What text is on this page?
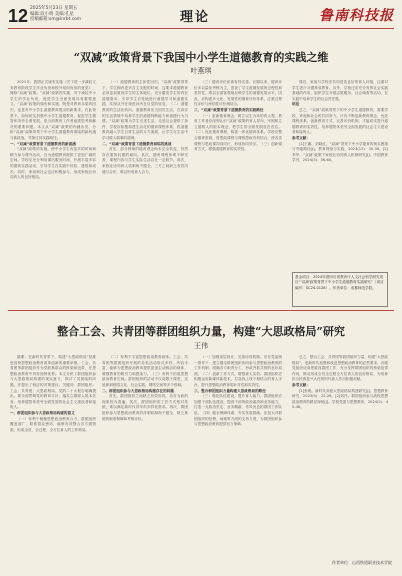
12 2025年5月23日 星期五
编辑:段小明 美编:孔星
投稿邮箱:sm@lnrbt.com	理论	鲁南科技报
“双减”政策背景下我国中小学生道德教育的实践之维
叶燕琪

2021年，我国正式颁布实施《关于进一步减轻义务教育阶段学生作业负担和校外培训负担的意见》，简称“双减”政策。“双减”政策的实施，对于减轻中小学生的学业负担、促进学生全面发展具有重要意义。“双减”政策的颁布和实施，既是对教育本质的回归，也是对中小学生道德教育提出的新要求。在此背景下，如何切实加强中小学生道德教育，促进学生德智体美劳全面发展，是当前教育工作者亟需思考和解决的重要问题。本文从“双减”政策的内涵出发，分析“双减”政策背景下中小学生道德教育面临的新机遇与新挑战，并探讨其实践路径。

一、“双减”政策背景下道德教育的新意涵

“双减”政策的实施，使中小学生有更多的时间和精力参与课外活动，这为道德教育提供了更加广阔的空间。学校应充分利用课后服务时间，开展丰富多彩的德育实践活动，引导学生在实践中体验、感悟和成长。同时，家庭和社会也应积极参与，形成家校社协同育人的良好格局。

（一）道德教育的主体性回归。“双减”政策背景下，学生拥有更多自主支配的时间，这要求道德教育必须更加重视学生的主体地位，充分激发学生的内在道德需求，引导学生自觉地进行道德学习和道德实践，实现从外在规范向内在自觉的转变。（二）道德教育的生活化转向。道德教育应当回归生活，在真实的生活情境中培养学生的道德判断能力和道德行为习惯。“双减”政策为学生走进生活、走进社会提供了条件，学校应积极构建生活化的德育课程体系，将道德教育融入学生日常生活的方方面面，让学生在生活中学习做人做事的道理。

二、“双减”政策背景下道德教育面临的挑战

首先，部分教师的德育观念尚未完全转变，仍然存在重智轻德的倾向。其次，德育课程体系不够完善，课程内容与学生实际生活存在一定脱节。再次，家校社协同育人机制尚不健全，三方之间缺乏有效沟通与合作，难以形成育人合力。

（三）德育评价体系有待完善。长期以来，德育评价多以量化考核为主，忽视了学生道德发展的过程性和差异性，难以全面客观地反映学生的道德发展水平。因此，应构建多元化、发展性的德育评价体系，注重过程性评价与终结性评价相结合。

三、“双减”政策背景下道德教育的实践路径

（一）更新德育理念，树立以生为本的育人观。教育工作者应深刻认识“双减”政策的育人导向，牢固树立立德树人的根本理念，把学生的全面发展放在首位。（二）优化德育课程，构建一体化德育体系。学校应整合德育资源，将思政课程与课程思政有机结合，使各类课程与思政课同向同行，形成协同效应。（三）创新德育方式，增强道德教育的实效性。

课后，家庭与学校应共同营造良好的育人环境，注重对学生进行习惯养成教育。另外，学校还应充分发挥社会实践基地的作用，组织学生开展志愿服务、社会调查等活动，在实践中培养学生的社会责任感。

结语

总之，“双减”政策背景下的中小学生道德教育，需要学校、家庭和社会的共同努力。只有不断更新教育理念、优化课程体系、创新教育方式、完善评价机制，才能切实提升道德教育的实效性，培养德智体美劳全面发展的社会主义建设者和接班人。

参考文献：

[1]王鹏，刘晓红。“双减”背景下中小学德育的现实困境与突破路径[J]。教育理论与实践，2023(12)：35-38。[2]李华。“双减”政策下家校社协同育人机制研究[J]。中国教育学刊，2024(3)：56-60。

基金项目：2024年度四川省教育厅人文社会科学研究项目“‘双减’政策背景下中小学生道德教育实践研究”（项目编号：SC24-0128）。作者单位：成都师范学院。
整合工会、共青团等群团组织力量，构建“大思政格局”研究
王伟

摘要：在新时代背景下，构建“大思政格局”是推进高校思想政治教育改革创新的重要举措。工会、共青团等群团组织作为党联系群众的桥梁和纽带，在思想政治教育中具有独特优势。本文分析了群团组织参与大思政格局构建的现实意义，探讨了其面临的问题，并提出了相应的对策建议。关键词：群团组织；工会；共青团；大思政格局。党的二十大报告明确提出，要全面贯彻党的教育方针，落实立德树人根本任务，培养德智体美劳全面发展的社会主义建设者和接班人。

一、群团组织参与大思政格局构建的意义

（一）有利于凝聚思想政治教育合力。群团组织覆盖面广、联系群众密切，能够有效整合各方面资源，形成全员、全过程、全方位育人的工作格局。

（二）有利于丰富思想政治教育载体。工会、共青团等群团组织开展的各类活动形式多样、内容丰富，能够为思想政治教育提供更加生动鲜活的载体，增强教育的吸引力和感染力。（三）有利于拓展思想政治教育空间。群团组织的活动不仅局限于课堂，还延伸到校园文化、社会实践、网络空间等多个领域。

二、群团组织参与大思政格局构建存在的问题

首先，群团组织之间缺乏有效协同，各自为政的现象较为普遍。其次，群团组织的工作方式相对传统，难以满足新时代青年的多样化需求。再次，群团组织参与思想政治教育的体制机制尚不健全，缺乏系统的制度保障和考核评价。

（一）加强顶层设计，完善协同机制。应在党委统一领导下，建立健全群团组织协同参与思想政治教育的工作机制，明确各方职责分工，形成齐抓共管的良好局面。（二）创新工作方式，增强育人实效。群团组织应积极运用新媒体新技术，打造线上线下相结合的育人平台，提升思想政治教育的针对性和实效性。

三、整合群团组织力量构建大思政格局的路径

（三）强化队伍建设，提升育人能力。群团组织应加强干部队伍建设，提高干部的政治素质和业务能力，打造一支政治坚定、业务精湛、作风优良的群团工作队伍。（四）健全保障体系，夯实发展基础。应加大对群团组织的经费、场地等方面的支持力度，为群团组织参与思想政治教育提供有力保障。

总之，整合工会、共青团等群团组织力量，构建“大思政格局”，是新时代加强和改进思想政治教育的必然要求。各级党组织应高度重视群团工作，充分发挥群团组织的桥梁纽带作用，推动形成全员全过程全方位育人的良好格局，为培养担当民族复兴大任的时代新人作出积极贡献。

参考文献：

[1]张明。新时代高校大思政格局构建研究[J]。思想教育研究，2023(5)：22-26。[2]刘洋。群团组织参与高校思想政治教育的路径探析[J]。学校党建与思想教育，2024(2)：45-48。

作者单位：山西铁道职业技术学院
